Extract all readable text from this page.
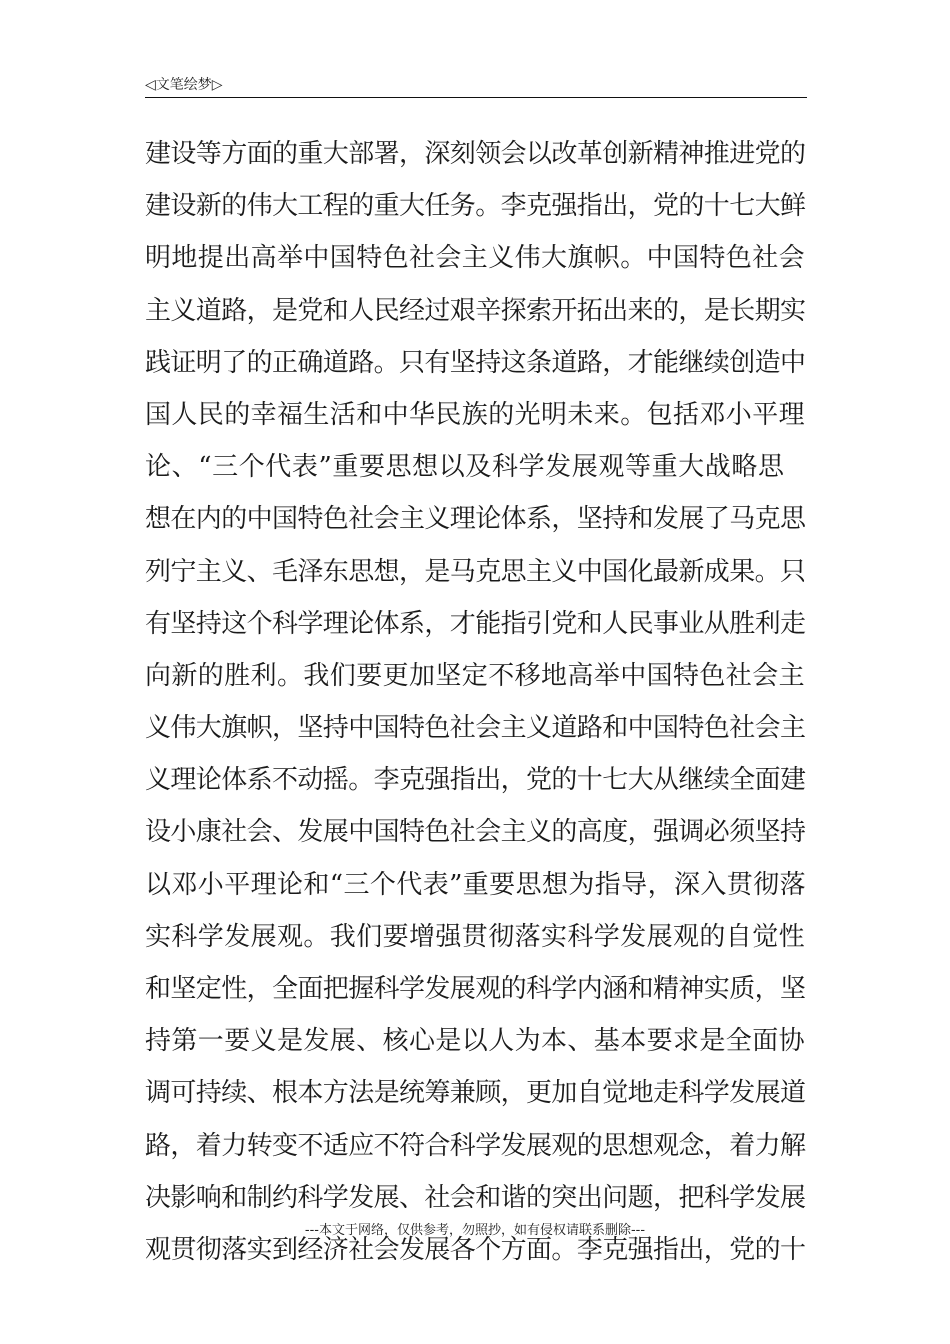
◁文笔绘梦▷
建设等方面的重大部署，深刻领会以改革创新精神推进党的
建设新的伟大工程的重大任务。李克强指出，党的十七大鲜
明地提出高举中国特色社会主义伟大旗帜。中国特色社会
主义道路，是党和人民经过艰辛探索开拓出来的，是长期实
践证明了的正确道路。只有坚持这条道路，才能继续创造中
国人民的幸福生活和中华民族的光明未来。包括邓小平理
论、“三个代表”重要思想以及科学发展观等重大战略思
想在内的中国特色社会主义理论体系，坚持和发展了马克思
列宁主义、毛泽东思想，是马克思主义中国化最新成果。只
有坚持这个科学理论体系，才能指引党和人民事业从胜利走
向新的胜利。我们要更加坚定不移地高举中国特色社会主
义伟大旗帜，坚持中国特色社会主义道路和中国特色社会主
义理论体系不动摇。李克强指出，党的十七大从继续全面建
设小康社会、发展中国特色社会主义的高度，强调必须坚持
以邓小平理论和“三个代表”重要思想为指导，深入贯彻落
实科学发展观。我们要增强贯彻落实科学发展观的自觉性
和坚定性，全面把握科学发展观的科学内涵和精神实质，坚
持第一要义是发展、核心是以人为本、基本要求是全面协
调可持续、根本方法是统筹兼顾，更加自觉地走科学发展道
路，着力转变不适应不符合科学发展观的思想观念，着力解
决影响和制约科学发展、社会和谐的突出问题，把科学发展
观贯彻落实到经济社会发展各个方面。李克强指出，党的十
---本文于网络，仅供参考，勿照抄，如有侵权请联系删除---
